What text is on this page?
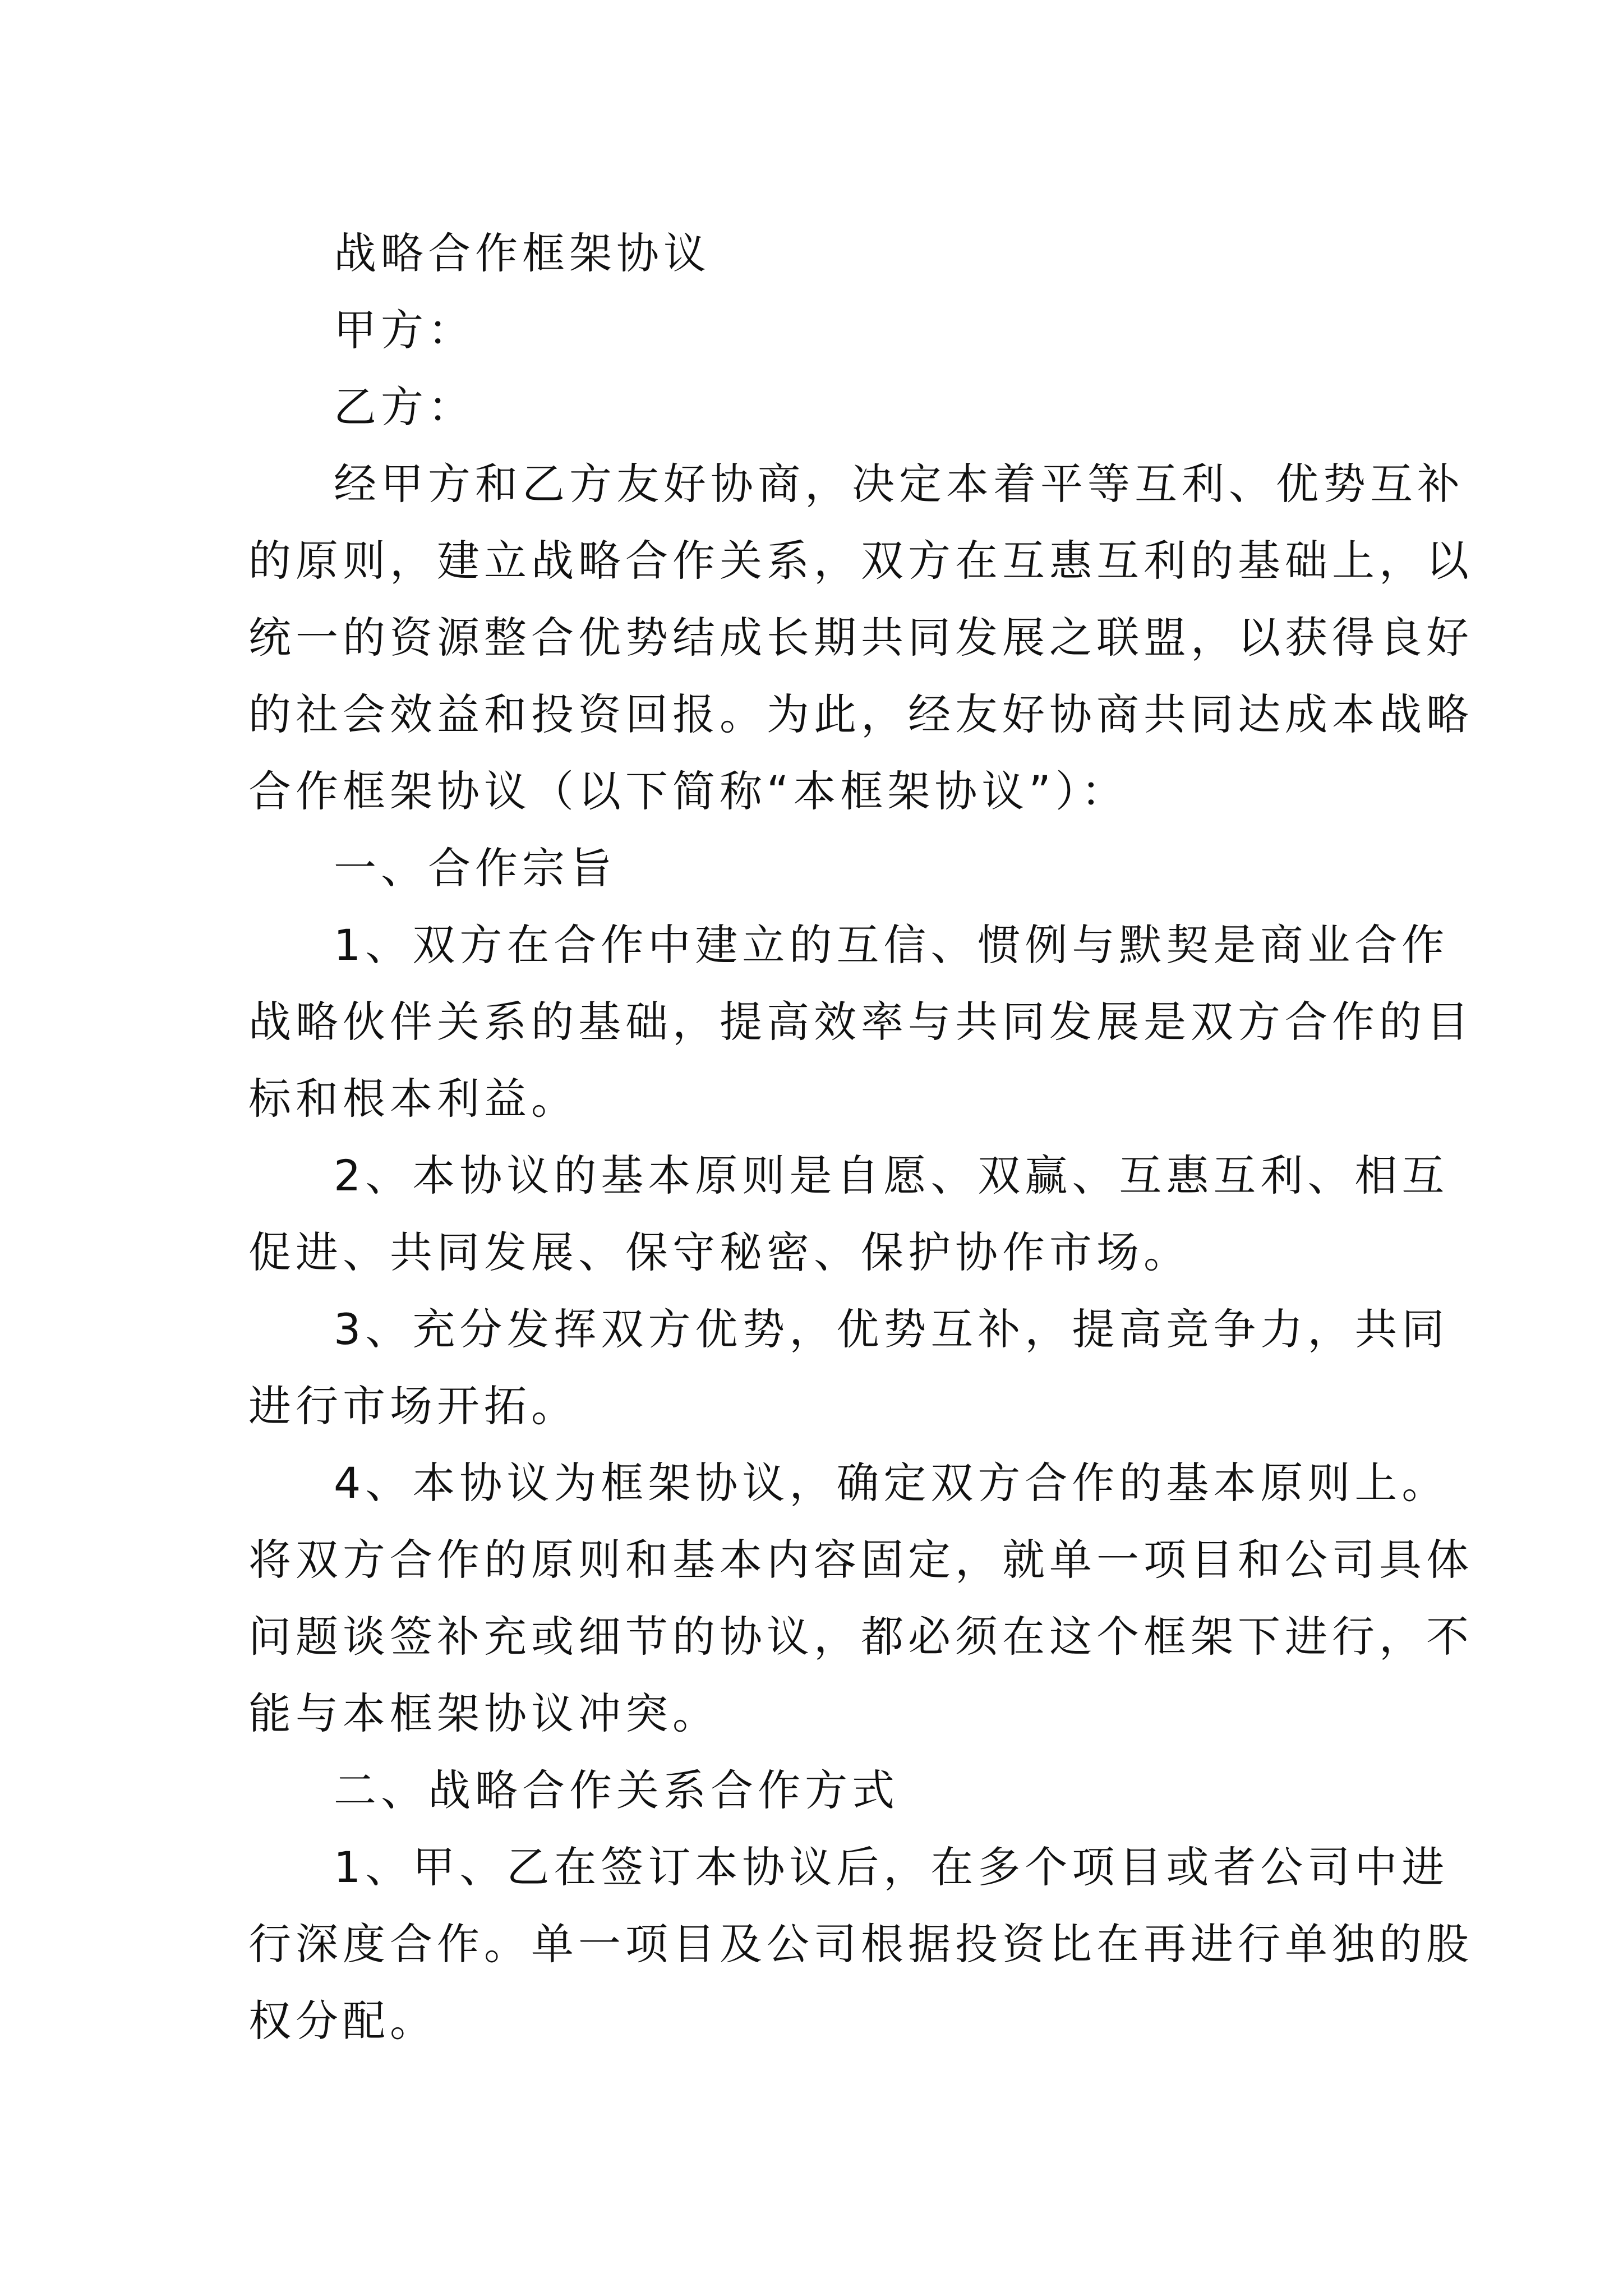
战略合作框架协议
甲方：
乙方：
经甲方和乙方友好协商，决定本着平等互利、优势互补
的原则，建立战略合作关系，双方在互惠互利的基础上，以
统一的资源整合优势结成长期共同发展之联盟，以获得良好
的社会效益和投资回报。为此，经友好协商共同达成本战略
合作框架协议（以下简称“本框架协议”）：
一、合作宗旨
1、双方在合作中建立的互信、惯例与默契是商业合作
战略伙伴关系的基础，提高效率与共同发展是双方合作的目
标和根本利益。
2、本协议的基本原则是自愿、双赢、互惠互利、相互
促进、共同发展、保守秘密、保护协作市场。
3、充分发挥双方优势，优势互补，提高竞争力，共同
进行市场开拓。
4、本协议为框架协议，确定双方合作的基本原则上。
将双方合作的原则和基本内容固定，就单一项目和公司具体
问题谈签补充或细节的协议，都必须在这个框架下进行，不
能与本框架协议冲突。
二、战略合作关系合作方式
1、甲、乙在签订本协议后，在多个项目或者公司中进
行深度合作。单一项目及公司根据投资比在再进行单独的股
权分配。
